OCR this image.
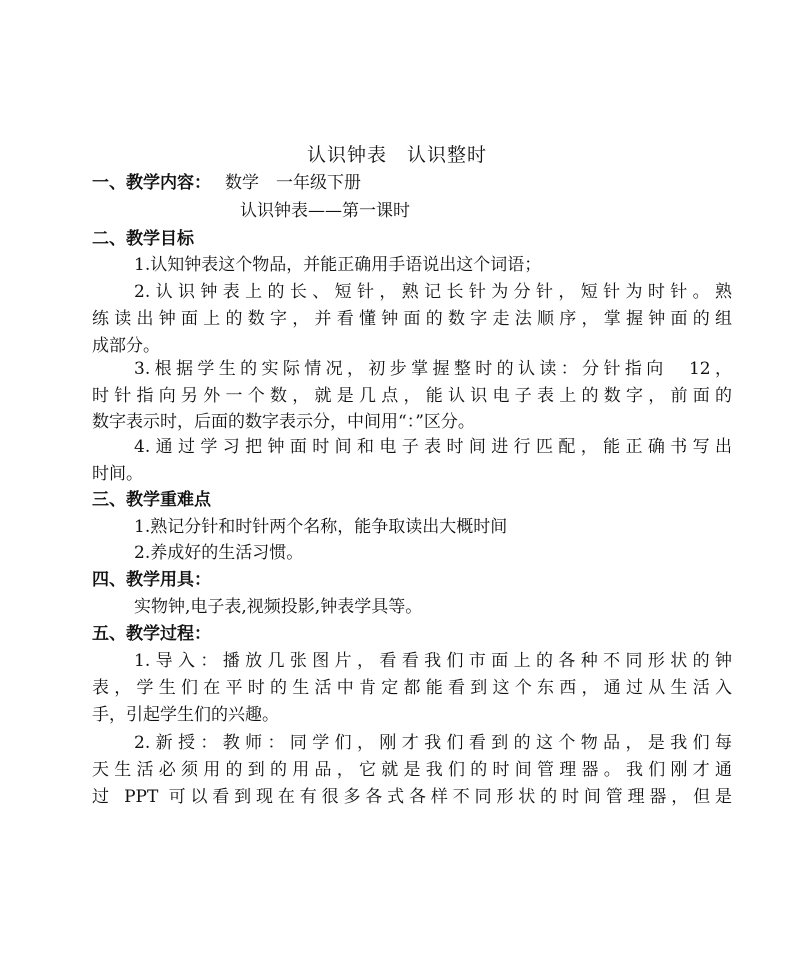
认识钟表　认识整时
一、教学内容： 数学　一年级下册
认识钟表——第一课时
二、教学目标
1.认知钟表这个物品，并能正确用手语说出这个词语；
2.认识钟表上的长、短针，熟记长针为分针，短针为时针。熟
练读出钟面上的数字，并看懂钟面的数字走法顺序，掌握钟面的组
成部分。
3.根据学生的实际情况，初步掌握整时的认读：分针指向　12，
时针指向另外一个数，就是几点，能认识电子表上的数字，前面的
数字表示时，后面的数字表示分，中间用“：”区分。
4.通过学习把钟面时间和电子表时间进行匹配，能正确书写出
时间。
三、教学重难点
1.熟记分针和时针两个名称，能争取读出大概时间
2.养成好的生活习惯。
四、教学用具：
实物钟,电子表,视频投影,钟表学具等。
五、教学过程：
1.导入：播放几张图片，看看我们市面上的各种不同形状的钟
表，学生们在平时的生活中肯定都能看到这个东西，通过从生活入
手，引起学生们的兴趣。
2.新授：教师：同学们，刚才我们看到的这个物品，是我们每
天生活必须用的到的用品，它就是我们的时间管理器。我们刚才通
过 PPT 可以看到现在有很多各式各样不同形状的时间管理器，但是
